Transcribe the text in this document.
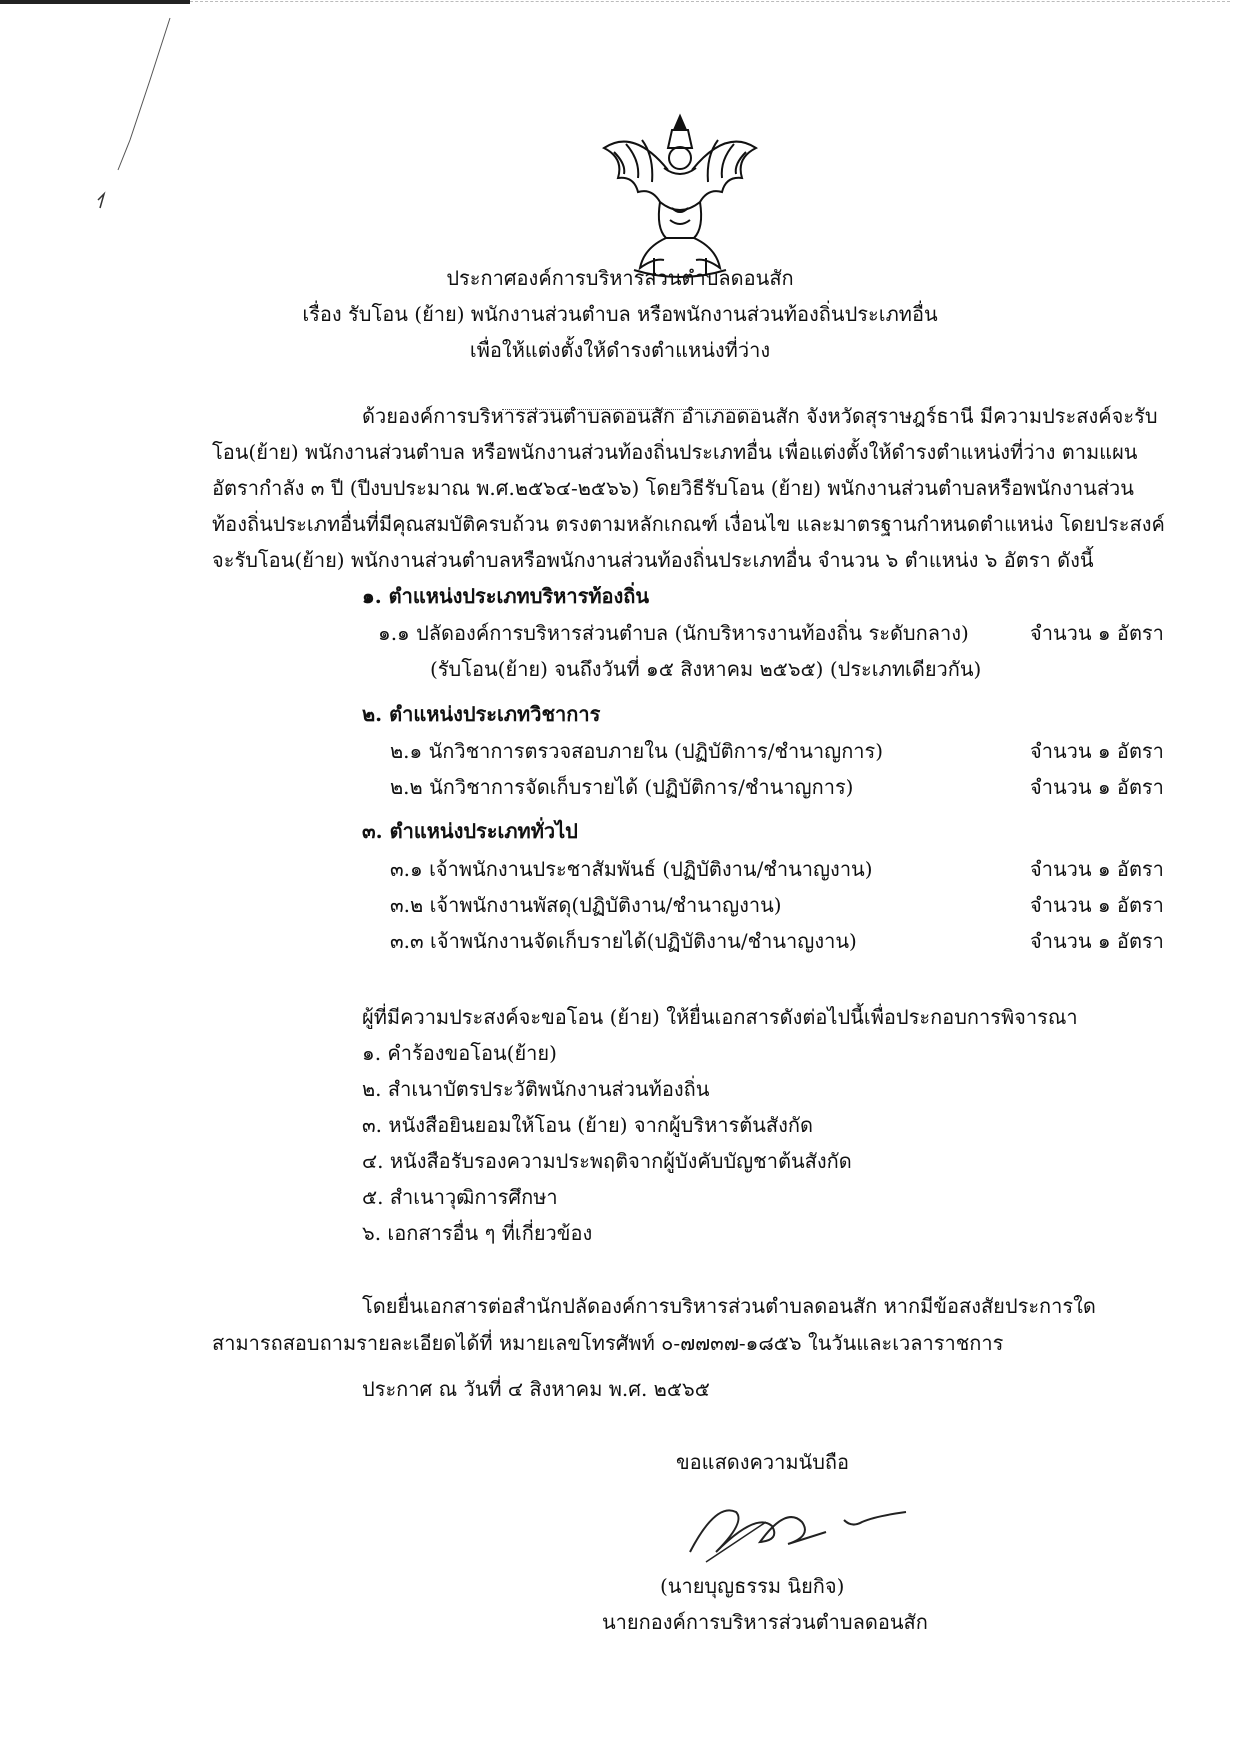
ประกาศองค์การบริหารส่วนตำบลดอนสัก
เรื่อง รับโอน (ย้าย) พนักงานส่วนตำบล หรือพนักงานส่วนท้องถิ่นประเภทอื่น
เพื่อให้แต่งตั้งให้ดำรงตำแหน่งที่ว่าง
ด้วยองค์การบริหารส่วนตำบลดอนสัก อำเภอดอนสัก จังหวัดสุราษฎร์ธานี มีความประสงค์จะรับ
โอน(ย้าย) พนักงานส่วนตำบล หรือพนักงานส่วนท้องถิ่นประเภทอื่น เพื่อแต่งตั้งให้ดำรงตำแหน่งที่ว่าง ตามแผน
อัตรากำลัง ๓ ปี (ปีงบประมาณ พ.ศ.๒๕๖๔-๒๕๖๖) โดยวิธีรับโอน (ย้าย) พนักงานส่วนตำบลหรือพนักงานส่วน
ท้องถิ่นประเภทอื่นที่มีคุณสมบัติครบถ้วน ตรงตามหลักเกณฑ์ เงื่อนไข และมาตรฐานกำหนดตำแหน่ง โดยประสงค์
จะรับโอน(ย้าย) พนักงานส่วนตำบลหรือพนักงานส่วนท้องถิ่นประเภทอื่น จำนวน ๖ ตำแหน่ง ๖ อัตรา ดังนี้
๑. ตำแหน่งประเภทบริหารท้องถิ่น
๑.๑ ปลัดองค์การบริหารส่วนตำบล (นักบริหารงานท้องถิ่น ระดับกลาง)	จำนวน ๑ อัตรา
(รับโอน(ย้าย) จนถึงวันที่ ๑๕ สิงหาคม ๒๕๖๕) (ประเภทเดียวกัน)
๒. ตำแหน่งประเภทวิชาการ
๒.๑ นักวิชาการตรวจสอบภายใน (ปฏิบัติการ/ชำนาญการ)	จำนวน ๑ อัตรา
๒.๒ นักวิชาการจัดเก็บรายได้ (ปฏิบัติการ/ชำนาญการ)	จำนวน ๑ อัตรา
๓. ตำแหน่งประเภททั่วไป
๓.๑ เจ้าพนักงานประชาสัมพันธ์ (ปฏิบัติงาน/ชำนาญงาน)	จำนวน ๑ อัตรา
๓.๒ เจ้าพนักงานพัสดุ(ปฏิบัติงาน/ชำนาญงาน)	จำนวน ๑ อัตรา
๓.๓ เจ้าพนักงานจัดเก็บรายได้(ปฏิบัติงาน/ชำนาญงาน)	จำนวน ๑ อัตรา
ผู้ที่มีความประสงค์จะขอโอน (ย้าย) ให้ยื่นเอกสารดังต่อไปนี้เพื่อประกอบการพิจารณา
๑. คำร้องขอโอน(ย้าย)
๒. สำเนาบัตรประวัติพนักงานส่วนท้องถิ่น
๓. หนังสือยินยอมให้โอน (ย้าย) จากผู้บริหารต้นสังกัด
๔. หนังสือรับรองความประพฤติจากผู้บังคับบัญชาต้นสังกัด
๕. สำเนาวุฒิการศึกษา
๖. เอกสารอื่น ๆ ที่เกี่ยวข้อง
โดยยื่นเอกสารต่อสำนักปลัดองค์การบริหารส่วนตำบลดอนสัก หากมีข้อสงสัยประการใด
สามารถสอบถามรายละเอียดได้ที่ หมายเลขโทรศัพท์ ๐-๗๗๓๗-๑๘๕๖ ในวันและเวลาราชการ
ประกาศ ณ วันที่ ๔ สิงหาคม พ.ศ. ๒๕๖๕
ขอแสดงความนับถือ
(นายบุญธรรม นิยกิจ)
นายกองค์การบริหารส่วนตำบลดอนสัก
